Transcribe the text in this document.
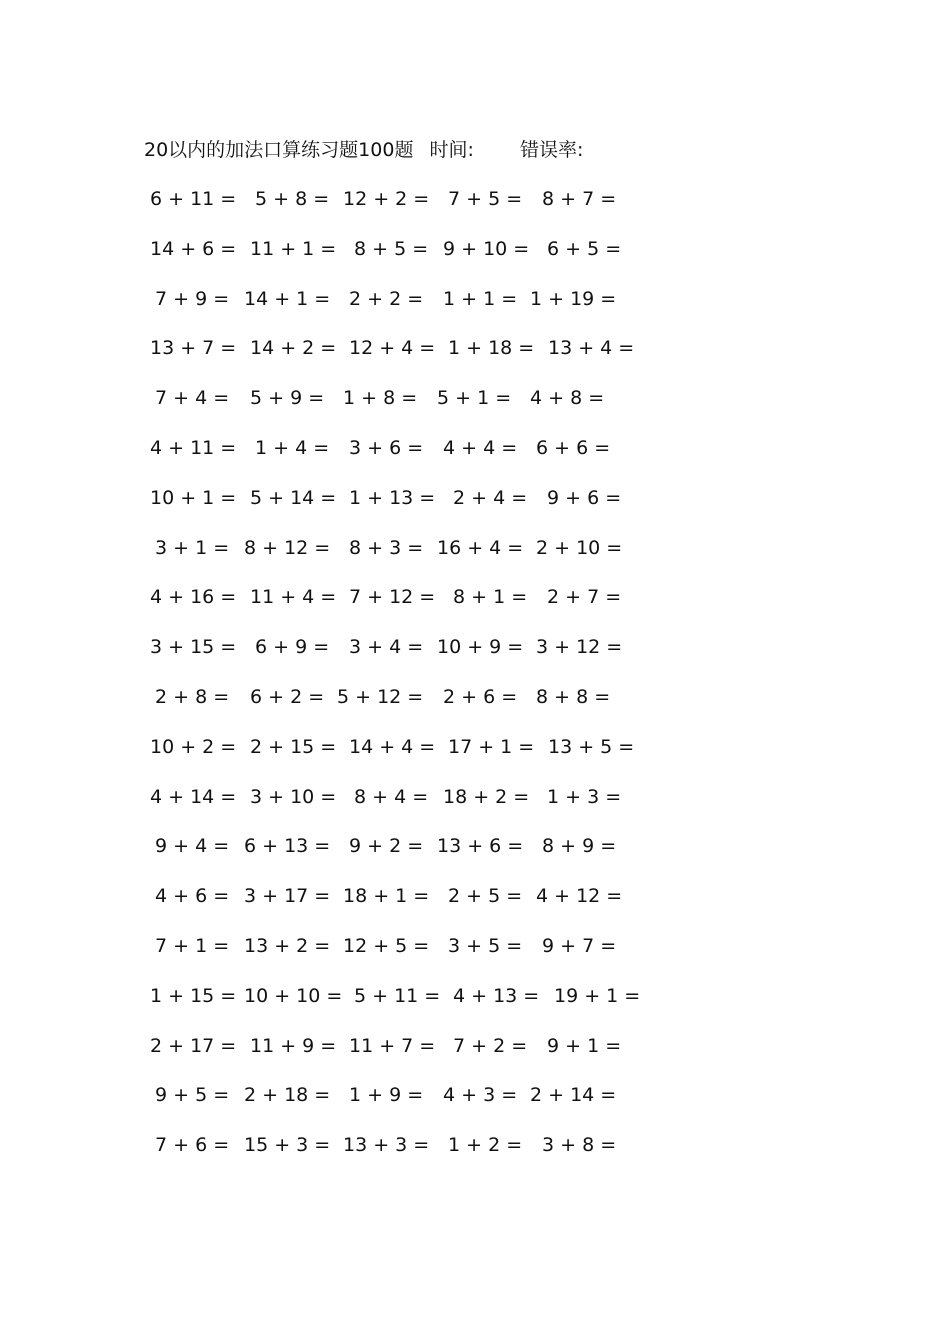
20以内的加法口算练习题100题 时间: 错误率:
6 + 11 = 5 + 8 = 12 + 2 = 7 + 5 = 8 + 7 =
14 + 6 = 11 + 1 = 8 + 5 = 9 + 10 = 6 + 5 =
7 + 9 = 14 + 1 = 2 + 2 = 1 + 1 = 1 + 19 =
13 + 7 = 14 + 2 = 12 + 4 = 1 + 18 = 13 + 4 =
7 + 4 = 5 + 9 = 1 + 8 = 5 + 1 = 4 + 8 =
4 + 11 = 1 + 4 = 3 + 6 = 4 + 4 = 6 + 6 =
10 + 1 = 5 + 14 = 1 + 13 = 2 + 4 = 9 + 6 =
3 + 1 = 8 + 12 = 8 + 3 = 16 + 4 = 2 + 10 =
4 + 16 = 11 + 4 = 7 + 12 = 8 + 1 = 2 + 7 =
3 + 15 = 6 + 9 = 3 + 4 = 10 + 9 = 3 + 12 =
2 + 8 = 6 + 2 = 5 + 12 = 2 + 6 = 8 + 8 =
10 + 2 = 2 + 15 = 14 + 4 = 17 + 1 = 13 + 5 =
4 + 14 = 3 + 10 = 8 + 4 = 18 + 2 = 1 + 3 =
9 + 4 = 6 + 13 = 9 + 2 = 13 + 6 = 8 + 9 =
4 + 6 = 3 + 17 = 18 + 1 = 2 + 5 = 4 + 12 =
7 + 1 = 13 + 2 = 12 + 5 = 3 + 5 = 9 + 7 =
1 + 15 = 10 + 10 = 5 + 11 = 4 + 13 = 19 + 1 =
2 + 17 = 11 + 9 = 11 + 7 = 7 + 2 = 9 + 1 =
9 + 5 = 2 + 18 = 1 + 9 = 4 + 3 = 2 + 14 =
7 + 6 = 15 + 3 = 13 + 3 = 1 + 2 = 3 + 8 =
